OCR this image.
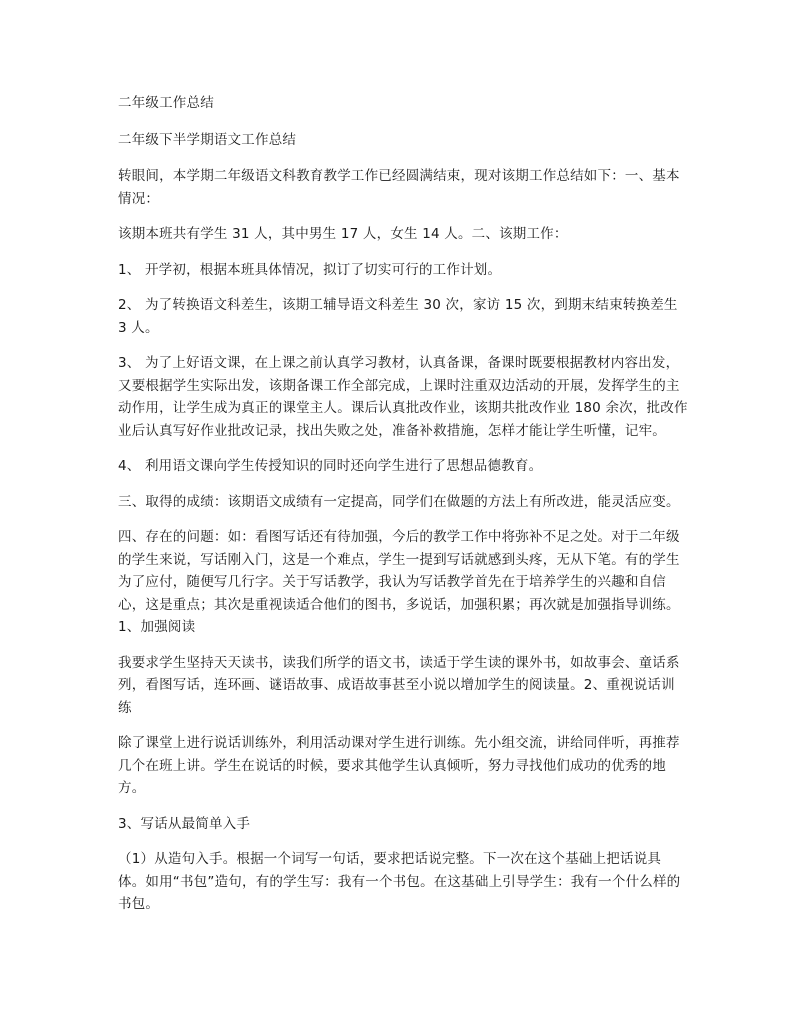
二年级工作总结

二年级下半学期语文工作总结

转眼间，本学期二年级语文科教育教学工作已经圆满结束，现对该期工作总结如下：一、基本情况：

该期本班共有学生 31 人，其中男生 17 人，女生 14 人。二、该期工作：

1、 开学初，根据本班具体情况，拟订了切实可行的工作计划。

2、 为了转换语文科差生，该期工辅导语文科差生 30 次，家访 15 次，到期末结束转换差生 3 人。

3、 为了上好语文课，在上课之前认真学习教材，认真备课，备课时既要根据教材内容出发，又要根据学生实际出发，该期备课工作全部完成，上课时注重双边活动的开展，发挥学生的主动作用，让学生成为真正的课堂主人。课后认真批改作业，该期共批改作业 180 余次，批改作业后认真写好作业批改记录，找出失败之处，准备补救措施，怎样才能让学生听懂，记牢。

4、 利用语文课向学生传授知识的同时还向学生进行了思想品德教育。

三、取得的成绩：该期语文成绩有一定提高，同学们在做题的方法上有所改进，能灵活应变。

四、存在的问题：如：看图写话还有待加强，今后的教学工作中将弥补不足之处。对于二年级的学生来说，写话刚入门，这是一个难点，学生一提到写话就感到头疼，无从下笔。有的学生为了应付，随便写几行字。关于写话教学，我认为写话教学首先在于培养学生的兴趣和自信心，这是重点；其次是重视读适合他们的图书，多说话，加强积累；再次就是加强指导训练。1、加强阅读

我要求学生坚持天天读书，读我们所学的语文书，读适于学生读的课外书，如故事会、童话系列，看图写话，连环画、谜语故事、成语故事甚至小说以增加学生的阅读量。2、重视说话训练

除了课堂上进行说话训练外，利用活动课对学生进行训练。先小组交流，讲给同伴听，再推荐几个在班上讲。学生在说话的时候，要求其他学生认真倾听，努力寻找他们成功的优秀的地方。

3、写话从最简单入手

（1）从造句入手。根据一个词写一句话，要求把话说完整。下一次在这个基础上把话说具体。如用“书包”造句，有的学生写：我有一个书包。在这基础上引导学生：我有一个什么样的书包。
